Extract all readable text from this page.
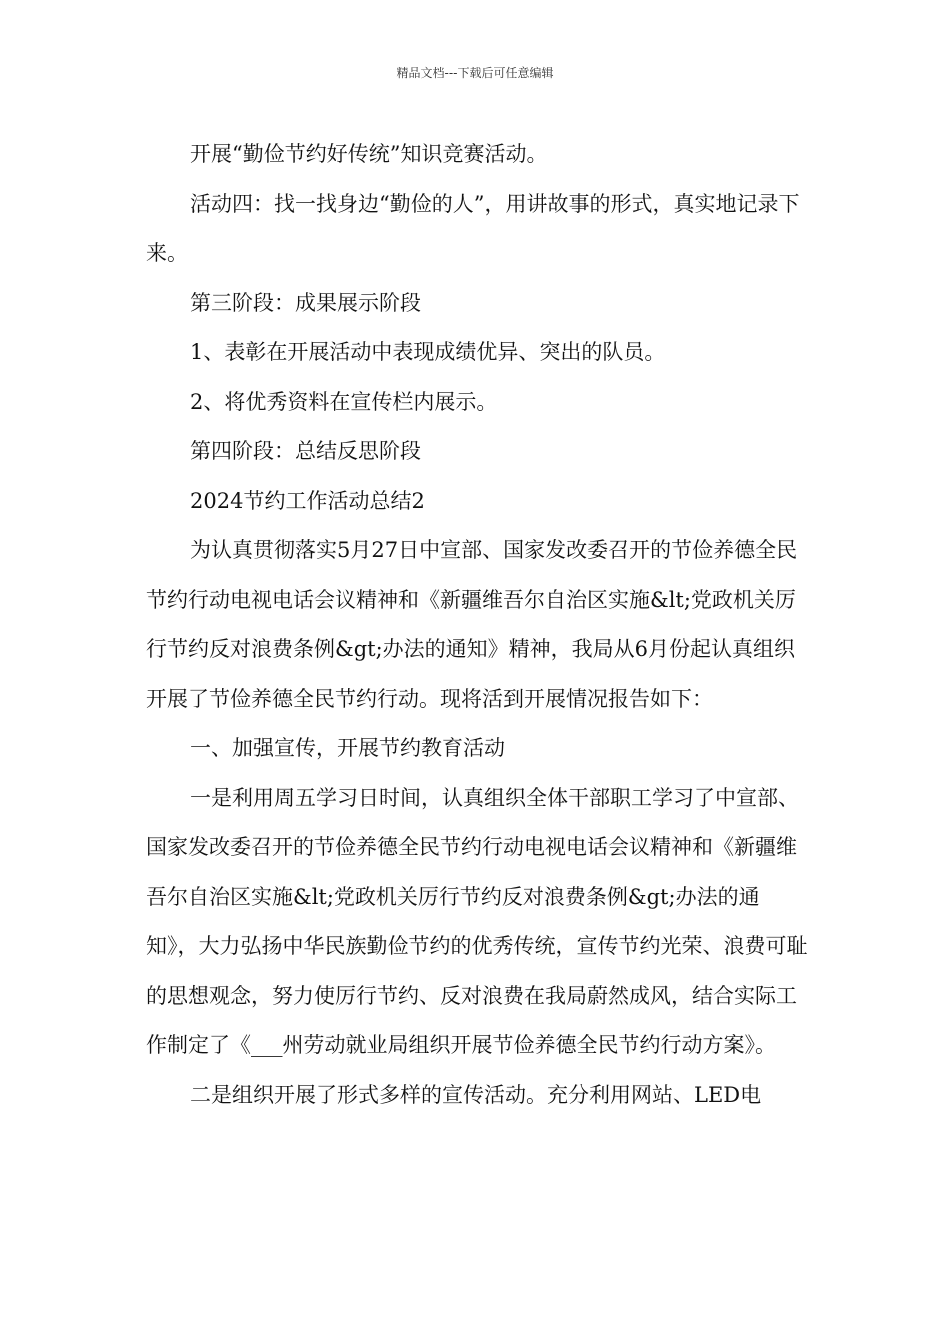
精品文档---下载后可任意编辑

开展“勤俭节约好传统”知识竞赛活动。

活动四：找一找身边“勤俭的人”，用讲故事的形式，真实地记录下来。

第三阶段：成果展示阶段

1、表彰在开展活动中表现成绩优异、突出的队员。

2、将优秀资料在宣传栏内展示。

第四阶段：总结反思阶段

2024节约工作活动总结2

为认真贯彻落实5月27日中宣部、国家发改委召开的节俭养德全民节约行动电视电话会议精神和《新疆维吾尔自治区实施&lt;党政机关厉行节约反对浪费条例&gt;办法的通知》精神，我局从6月份起认真组织开展了节俭养德全民节约行动。现将活到开展情况报告如下：

一、加强宣传，开展节约教育活动

一是利用周五学习日时间，认真组织全体干部职工学习了中宣部、国家发改委召开的节俭养德全民节约行动电视电话会议精神和《新疆维吾尔自治区实施&lt;党政机关厉行节约反对浪费条例&gt;办法的通知》，大力弘扬中华民族勤俭节约的优秀传统，宣传节约光荣、浪费可耻的思想观念，努力使厉行节约、反对浪费在我局蔚然成风，结合实际工作制定了《___州劳动就业局组织开展节俭养德全民节约行动方案》。

二是组织开展了形式多样的宣传活动。充分利用网站、LED电
